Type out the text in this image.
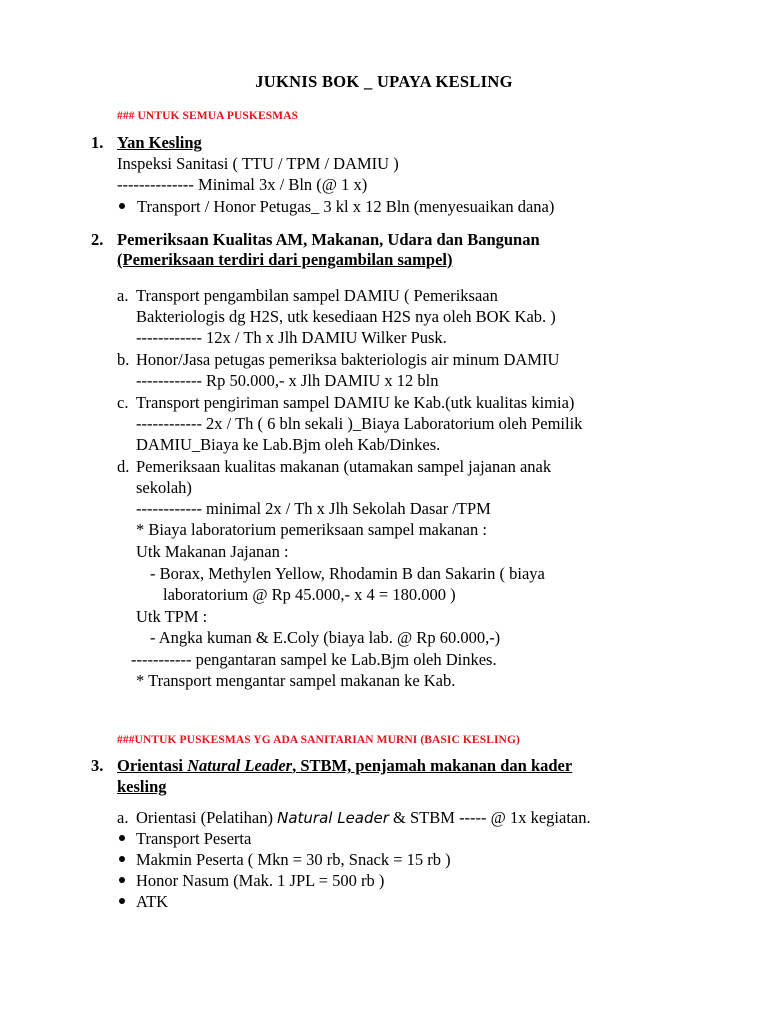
JUKNIS BOK _ UPAYA KESLING
### UNTUK SEMUA PUSKESMAS
1. Yan Kesling
Inspeksi Sanitasi ( TTU / TPM / DAMIU )
-------------- Minimal 3x / Bln (@ 1 x)
Transport / Honor Petugas_ 3 kl x 12 Bln (menyesuaikan dana)
2. Pemeriksaan Kualitas AM, Makanan, Udara dan Bangunan
(Pemeriksaan terdiri dari pengambilan sampel)
a. Transport pengambilan sampel DAMIU ( Pemeriksaan
Bakteriologis dg H2S, utk kesediaan H2S nya oleh BOK Kab. )
------------ 12x / Th x Jlh DAMIU Wilker Pusk.
b. Honor/Jasa petugas pemeriksa bakteriologis air minum DAMIU
------------ Rp 50.000,- x Jlh DAMIU x 12 bln
c. Transport pengiriman sampel DAMIU ke Kab.(utk kualitas kimia)
------------ 2x / Th ( 6 bln sekali )_Biaya Laboratorium oleh Pemilik
DAMIU_Biaya ke Lab.Bjm oleh Kab/Dinkes.
d. Pemeriksaan kualitas makanan (utamakan sampel jajanan anak
sekolah)
------------ minimal 2x / Th x Jlh Sekolah Dasar /TPM
* Biaya laboratorium pemeriksaan sampel makanan :
Utk Makanan Jajanan :
- Borax, Methylen Yellow, Rhodamin B dan Sakarin ( biaya
laboratorium @ Rp 45.000,- x 4 = 180.000 )
Utk TPM :
- Angka kuman & E.Coly (biaya lab. @ Rp 60.000,-)
----------- pengantaran sampel ke Lab.Bjm oleh Dinkes.
* Transport mengantar sampel makanan ke Kab.
###UNTUK PUSKESMAS YG ADA SANITARIAN MURNI (BASIC KESLING)
3. Orientasi Natural Leader, STBM, penjamah makanan dan kader
kesling
a. Orientasi (Pelatihan) Natural Leader & STBM ----- @ 1x kegiatan.
Transport Peserta
Makmin Peserta ( Mkn = 30 rb, Snack = 15 rb )
Honor Nasum (Mak. 1 JPL = 500 rb )
ATK
